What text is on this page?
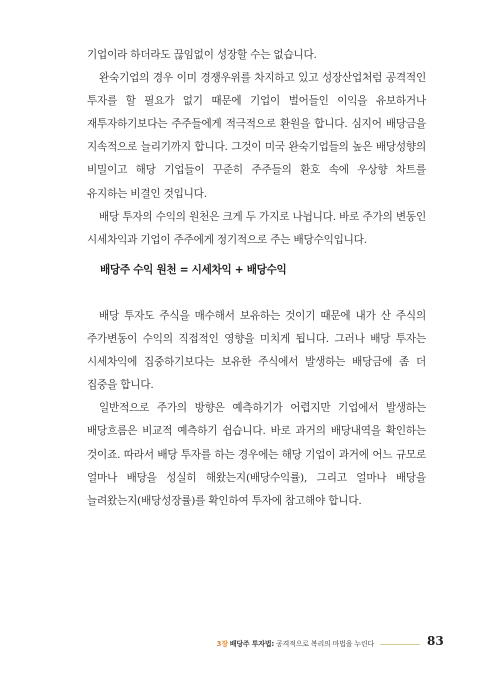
기업이라 하더라도 끊임없이 성장할 수는 없습니다.

완숙기업의 경우 이미 경쟁우위를 차지하고 있고 성장산업처럼 공격적인 투자를 할 필요가 없기 때문에 기업이 벌어들인 이익을 유보하거나 재투자하기보다는 주주들에게 적극적으로 환원을 합니다. 심지어 배당금을 지속적으로 늘리기까지 합니다. 그것이 미국 완숙기업들의 높은 배당성향의 비밀이고 해당 기업들이 꾸준히 주주들의 환호 속에 우상향 차트를 유지하는 비결인 것입니다.

배당 투자의 수익의 원천은 크게 두 가지로 나뉩니다. 바로 주가의 변동인 시세차익과 기업이 주주에게 정기적으로 주는 배당수익입니다.

배당주 수익 원천 = 시세차익 + 배당수익

배당 투자도 주식을 매수해서 보유하는 것이기 때문에 내가 산 주식의 주가변동이 수익의 직접적인 영향을 미치게 됩니다. 그러나 배당 투자는 시세차익에 집중하기보다는 보유한 주식에서 발생하는 배당금에 좀 더 집중을 합니다.

일반적으로 주가의 방향은 예측하기가 어렵지만 기업에서 발생하는 배당흐름은 비교적 예측하기 쉽습니다. 바로 과거의 배당내역을 확인하는 것이죠. 따라서 배당 투자를 하는 경우에는 해당 기업이 과거에 어느 규모로 얼마나 배당을 성실히 해왔는지(배당수익률), 그리고 얼마나 배당을 늘려왔는지(배당성장률)를 확인하여 투자에 참고해야 합니다.

3장 배당주 투자법: 공격적으로 복리의 마법을 누린다	83
